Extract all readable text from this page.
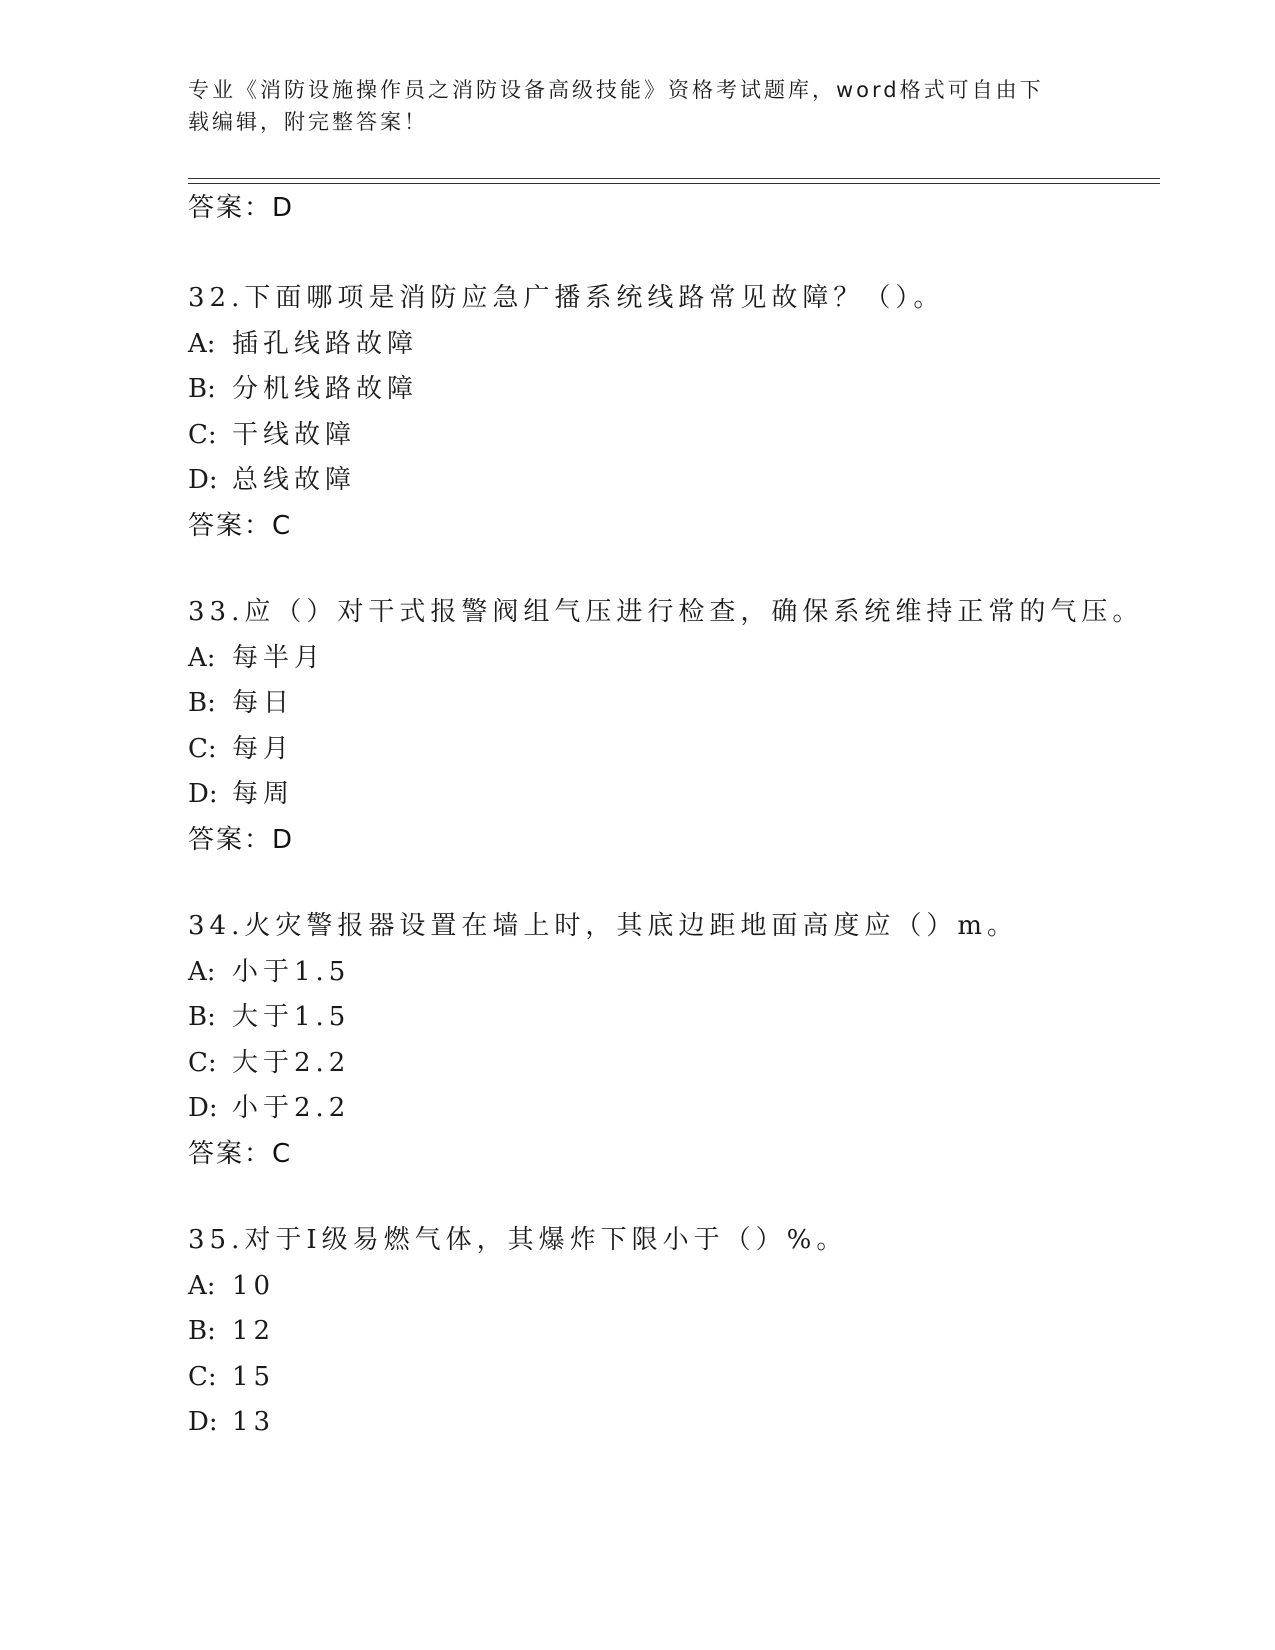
专业《消防设施操作员之消防设备高级技能》资格考试题库，word格式可自由下
载编辑，附完整答案！
答案：D
32.下面哪项是消防应急广播系统线路常见故障？（）。
A: 插孔线路故障
B: 分机线路故障
C: 干线故障
D: 总线故障
答案：C
33.应（）对干式报警阀组气压进行检查，确保系统维持正常的气压。
A: 每半月
B: 每日
C: 每月
D: 每周
答案：D
34.火灾警报器设置在墙上时，其底边距地面高度应（）m。
A: 小于1.5
B: 大于1.5
C: 大于2.2
D: 小于2.2
答案：C
35.对于Ⅰ级易燃气体，其爆炸下限小于（）%。
A: 10
B: 12
C: 15
D: 13
